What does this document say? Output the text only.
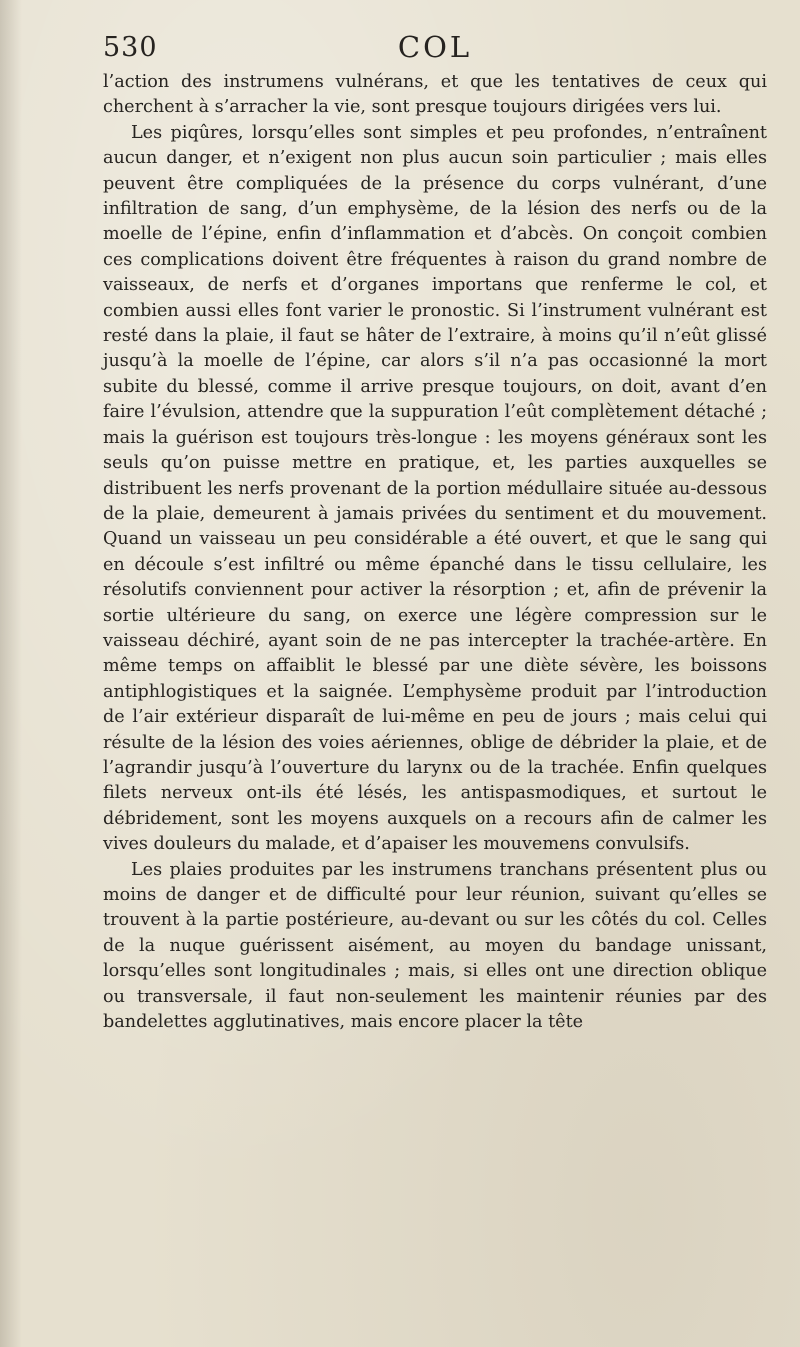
530	COL

l’action des instrumens vulnérans, et que les tentatives de ceux qui cherchent à s’arracher la vie, sont presque toujours dirigées vers lui.

Les piqûres, lorsqu’elles sont simples et peu profondes, n’entraînent aucun danger, et n’exigent non plus aucun soin particulier ; mais elles peuvent être compliquées de la présence du corps vulnérant, d’une infiltration de sang, d’un emphysème, de la lésion des nerfs ou de la moelle de l’épine, enfin d’inflammation et d’abcès. On conçoit combien ces complications doivent être fréquentes à raison du grand nombre de vaisseaux, de nerfs et d’organes importans que renferme le col, et combien aussi elles font varier le pronostic. Si l’instrument vulnérant est resté dans la plaie, il faut se hâter de l’extraire, à moins qu’il n’eût glissé jusqu’à la moelle de l’épine, car alors s’il n’a pas occasionné la mort subite du blessé, comme il arrive presque toujours, on doit, avant d’en faire l’évulsion, attendre que la suppuration l’eût complètement détaché ; mais la guérison est toujours très-longue : les moyens généraux sont les seuls qu’on puisse mettre en pratique, et, les parties auxquelles se distribuent les nerfs provenant de la portion médullaire située au-dessous de la plaie, demeurent à jamais privées du sentiment et du mouvement. Quand un vaisseau un peu considérable a été ouvert, et que le sang qui en découle s’est infiltré ou même épanché dans le tissu cellulaire, les résolutifs conviennent pour activer la résorption ; et, afin de prévenir la sortie ultérieure du sang, on exerce une légère compression sur le vaisseau déchiré, ayant soin de ne pas intercepter la trachée-artère. En même temps on affaiblit le blessé par une diète sévère, les boissons antiphlogistiques et la saignée. L’emphysème produit par l’introduction de l’air extérieur disparaît de lui-même en peu de jours ; mais celui qui résulte de la lésion des voies aériennes, oblige de débrider la plaie, et de l’agrandir jusqu’à l’ouverture du larynx ou de la trachée. Enfin quelques filets nerveux ont-ils été lésés, les antispasmodiques, et surtout le débridement, sont les moyens auxquels on a recours afin de calmer les vives douleurs du malade, et d’apaiser les mouvemens convulsifs.

Les plaies produites par les instrumens tranchans présentent plus ou moins de danger et de difficulté pour leur réunion, suivant qu’elles se trouvent à la partie postérieure, au-devant ou sur les côtés du col. Celles de la nuque guérissent aisément, au moyen du bandage unissant, lorsqu’elles sont longitudinales ; mais, si elles ont une direction oblique ou transversale, il faut non-seulement les maintenir réunies par des bandelettes agglutinatives, mais encore placer la tête
